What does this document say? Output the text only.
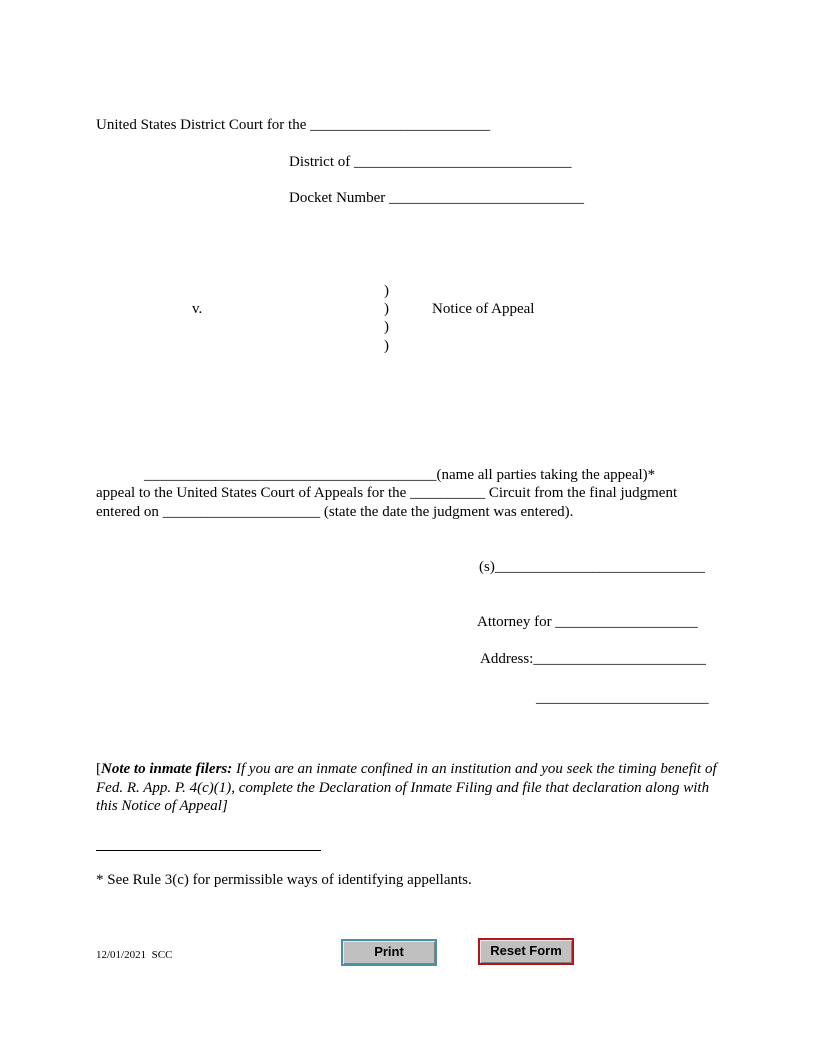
United States District Court for the ________________________
District of _____________________________
Docket Number __________________________
v.
)
)
)
)
Notice of Appeal
_______________________________________(name all parties taking the appeal)*
appeal to the United States Court of Appeals for the __________ Circuit from the final judgment
entered on _____________________ (state the date the judgment was entered).
(s)____________________________
Attorney for ___________________
Address:_______________________
_______________________
[Note to inmate filers: If you are an inmate confined in an institution and you seek the timing benefit of Fed. R. App. P. 4(c)(1), complete the Declaration of Inmate Filing and file that declaration along with this Notice of Appeal]
* See Rule 3(c) for permissible ways of identifying appellants.
12/01/2021  SCC	Print	Reset Form
